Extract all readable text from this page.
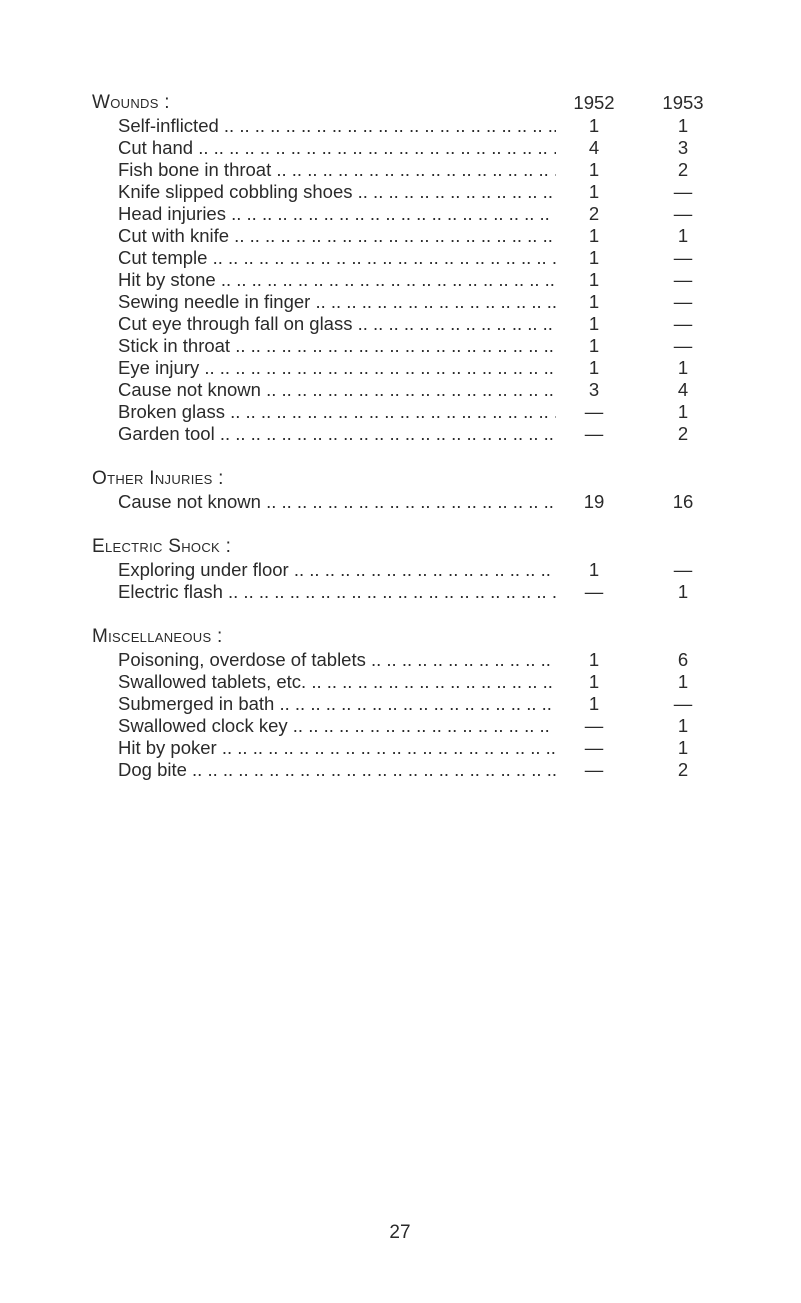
Wounds :	1952	1953
Self-inflicted .. ..	1	1
Cut hand .. ..	4	3
Fish bone in throat .. ..	1	2
Knife slipped cobbling shoes .. ..	1	—
Head injuries .. ..	2	—
Cut with knife .. ..	1	1
Cut temple .. ..	1	—
Hit by stone .. ..	1	—
Sewing needle in finger .. ..	1	—
Cut eye through fall on glass .. ..	1	—
Stick in throat .. ..	1	—
Eye injury .. ..	1	1
Cause not known .. ..	3	4
Broken glass .. ..	—	1
Garden tool .. ..	—	2
Other Injuries :
Cause not known .. ..	19	16
Electric Shock :
Exploring under floor .. ..	1	—
Electric flash .. ..	—	1
Miscellaneous :
Poisoning, overdose of tablets .. ..	1	6
Swallowed tablets, etc. .. ..	1	1
Submerged in bath .. ..	1	—
Swallowed clock key .. ..	—	1
Hit by poker .. ..	—	1
Dog bite .. ..	—	2
27
